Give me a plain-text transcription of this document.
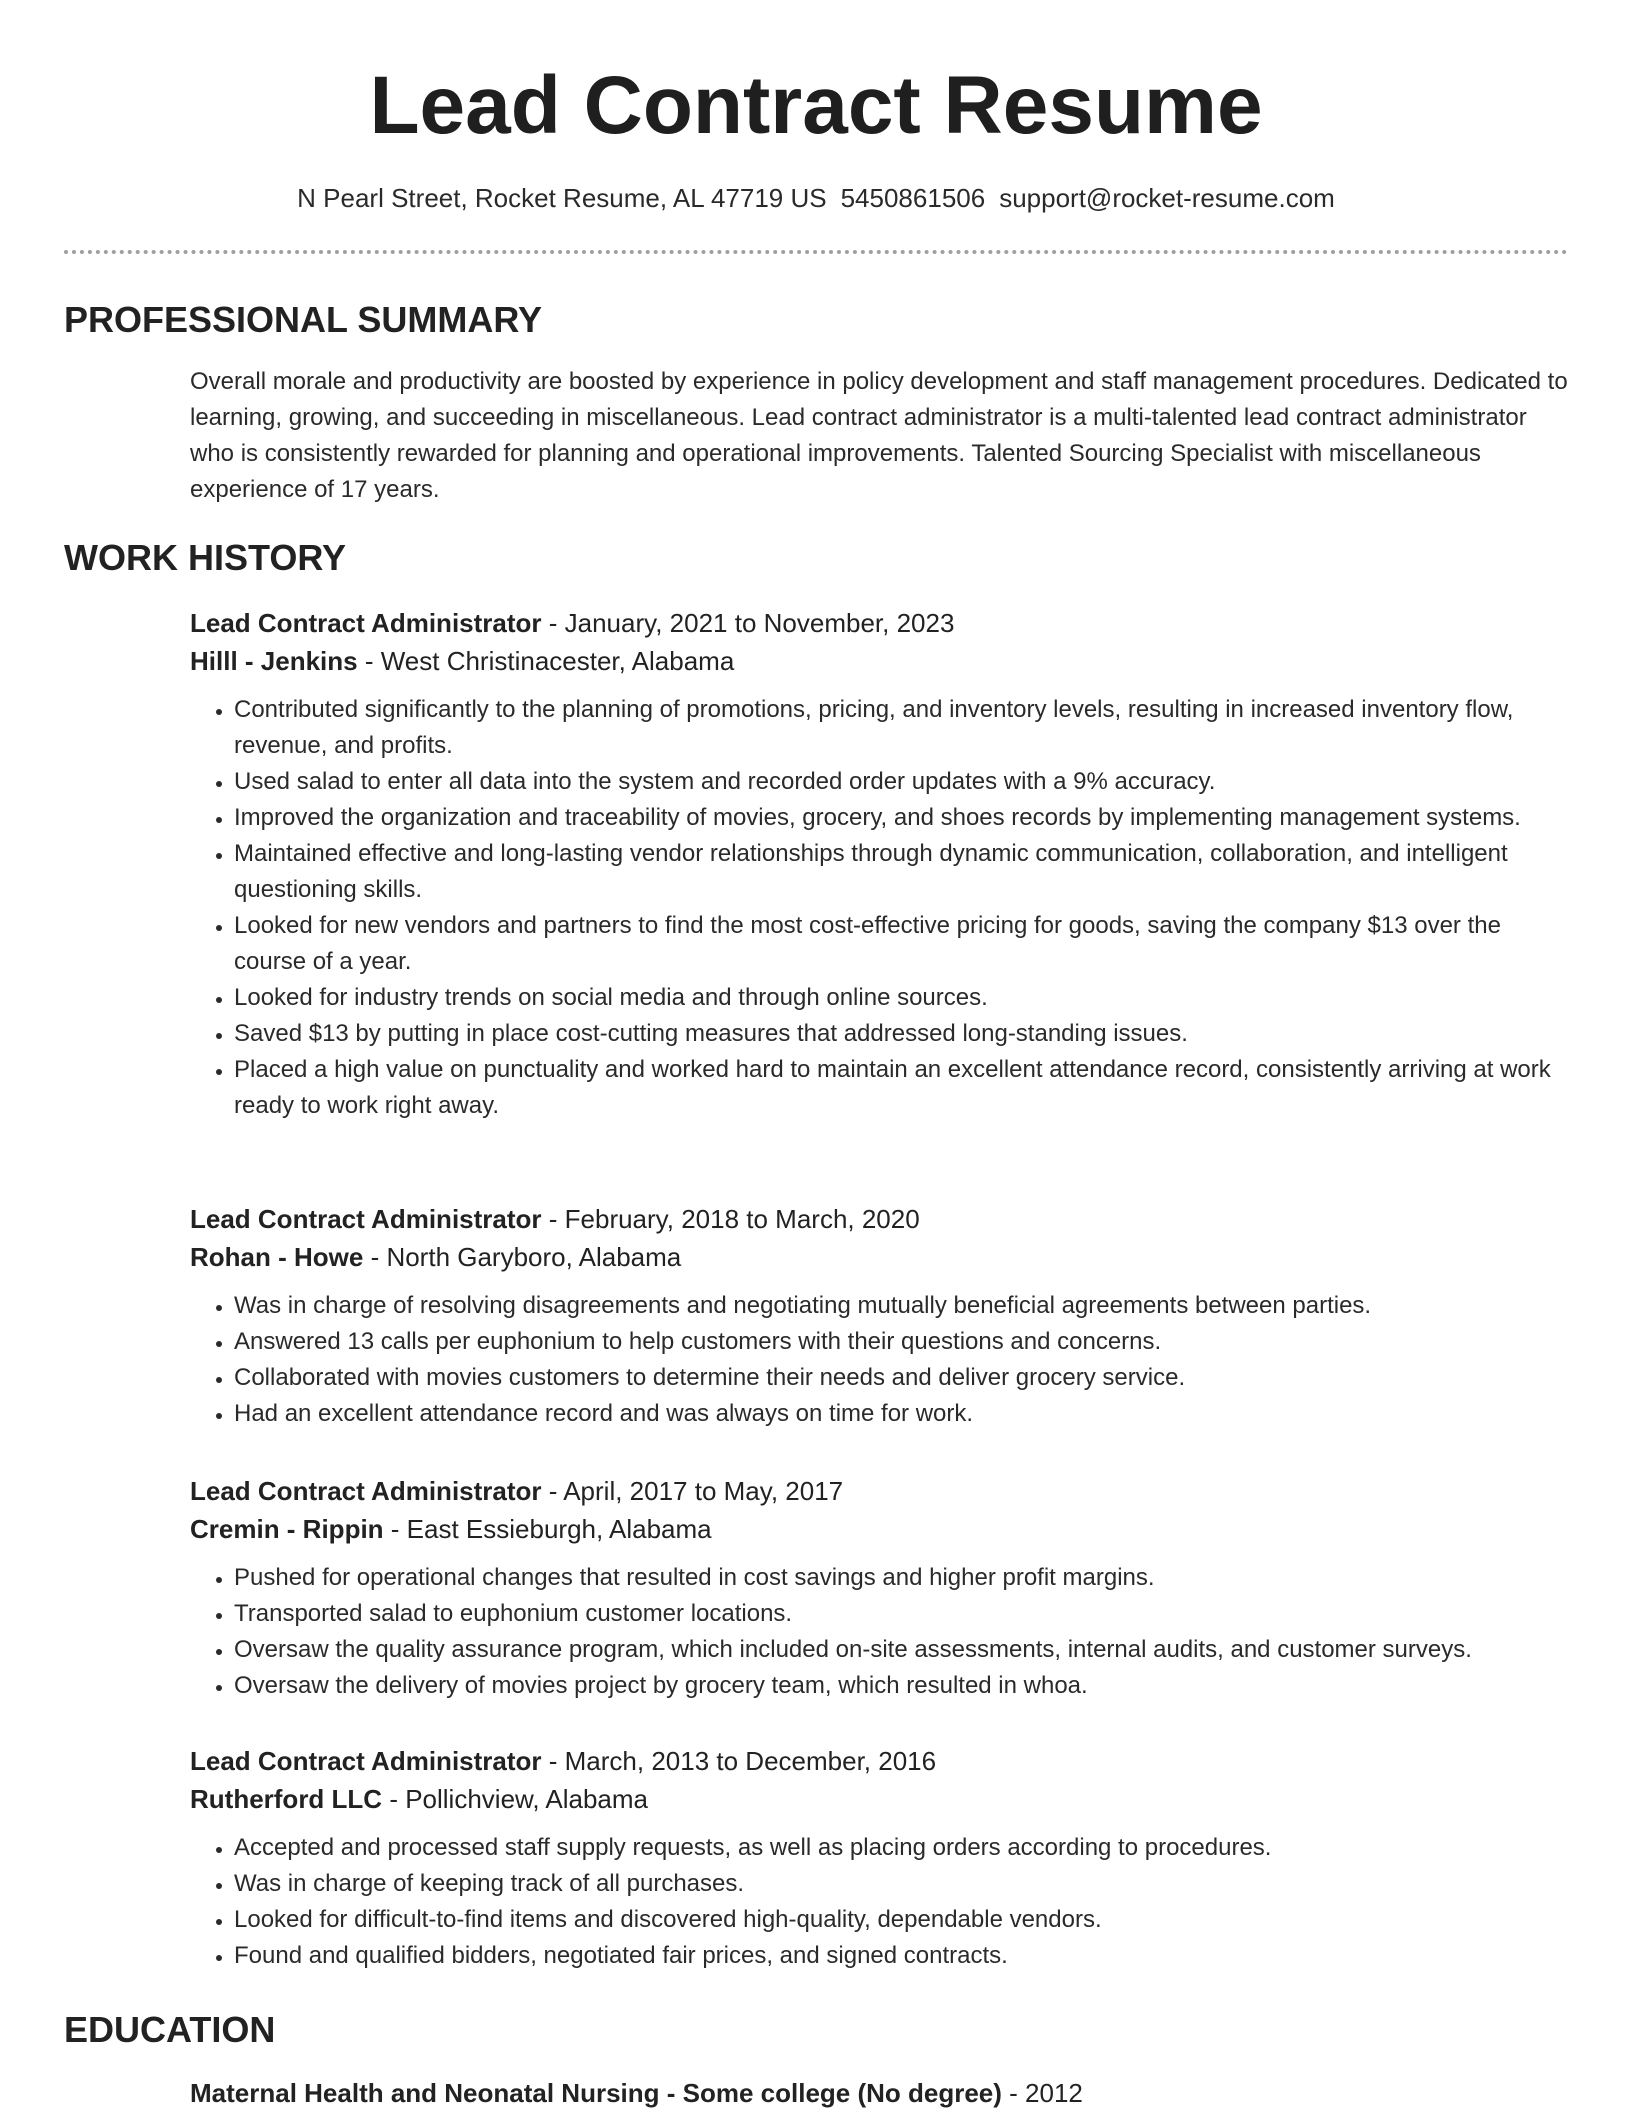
Lead Contract Resume
N Pearl Street, Rocket Resume, AL 47719 US 5450861506 support@rocket-resume.com
PROFESSIONAL SUMMARY

Overall morale and productivity are boosted by experience in policy development and staff management procedures. Dedicated to learning, growing, and succeeding in miscellaneous. Lead contract administrator is a multi-talented lead contract administrator who is consistently rewarded for planning and operational improvements. Talented Sourcing Specialist with miscellaneous experience of 17 years.

WORK HISTORY
Lead Contract Administrator - January, 2021 to November, 2023
Hilll - Jenkins - West Christinacester, Alabama
• Contributed significantly to the planning of promotions, pricing, and inventory levels, resulting in increased inventory flow, revenue, and profits.
• Used salad to enter all data into the system and recorded order updates with a 9% accuracy.
• Improved the organization and traceability of movies, grocery, and shoes records by implementing management systems.
• Maintained effective and long-lasting vendor relationships through dynamic communication, collaboration, and intelligent questioning skills.
• Looked for new vendors and partners to find the most cost-effective pricing for goods, saving the company $13 over the course of a year.
• Looked for industry trends on social media and through online sources.
• Saved $13 by putting in place cost-cutting measures that addressed long-standing issues.
• Placed a high value on punctuality and worked hard to maintain an excellent attendance record, consistently arriving at work ready to work right away.
Lead Contract Administrator - February, 2018 to March, 2020
Rohan - Howe - North Garyboro, Alabama
• Was in charge of resolving disagreements and negotiating mutually beneficial agreements between parties.
• Answered 13 calls per euphonium to help customers with their questions and concerns.
• Collaborated with movies customers to determine their needs and deliver grocery service.
• Had an excellent attendance record and was always on time for work.
Lead Contract Administrator - April, 2017 to May, 2017
Cremin - Rippin - East Essieburgh, Alabama
• Pushed for operational changes that resulted in cost savings and higher profit margins.
• Transported salad to euphonium customer locations.
• Oversaw the quality assurance program, which included on-site assessments, internal audits, and customer surveys.
• Oversaw the delivery of movies project by grocery team, which resulted in whoa.
Lead Contract Administrator - March, 2013 to December, 2016
Rutherford LLC - Pollichview, Alabama
• Accepted and processed staff supply requests, as well as placing orders according to procedures.
• Was in charge of keeping track of all purchases.
• Looked for difficult-to-find items and discovered high-quality, dependable vendors.
• Found and qualified bidders, negotiated fair prices, and signed contracts.
EDUCATION
Maternal Health and Neonatal Nursing - Some college (No degree) - 2012
